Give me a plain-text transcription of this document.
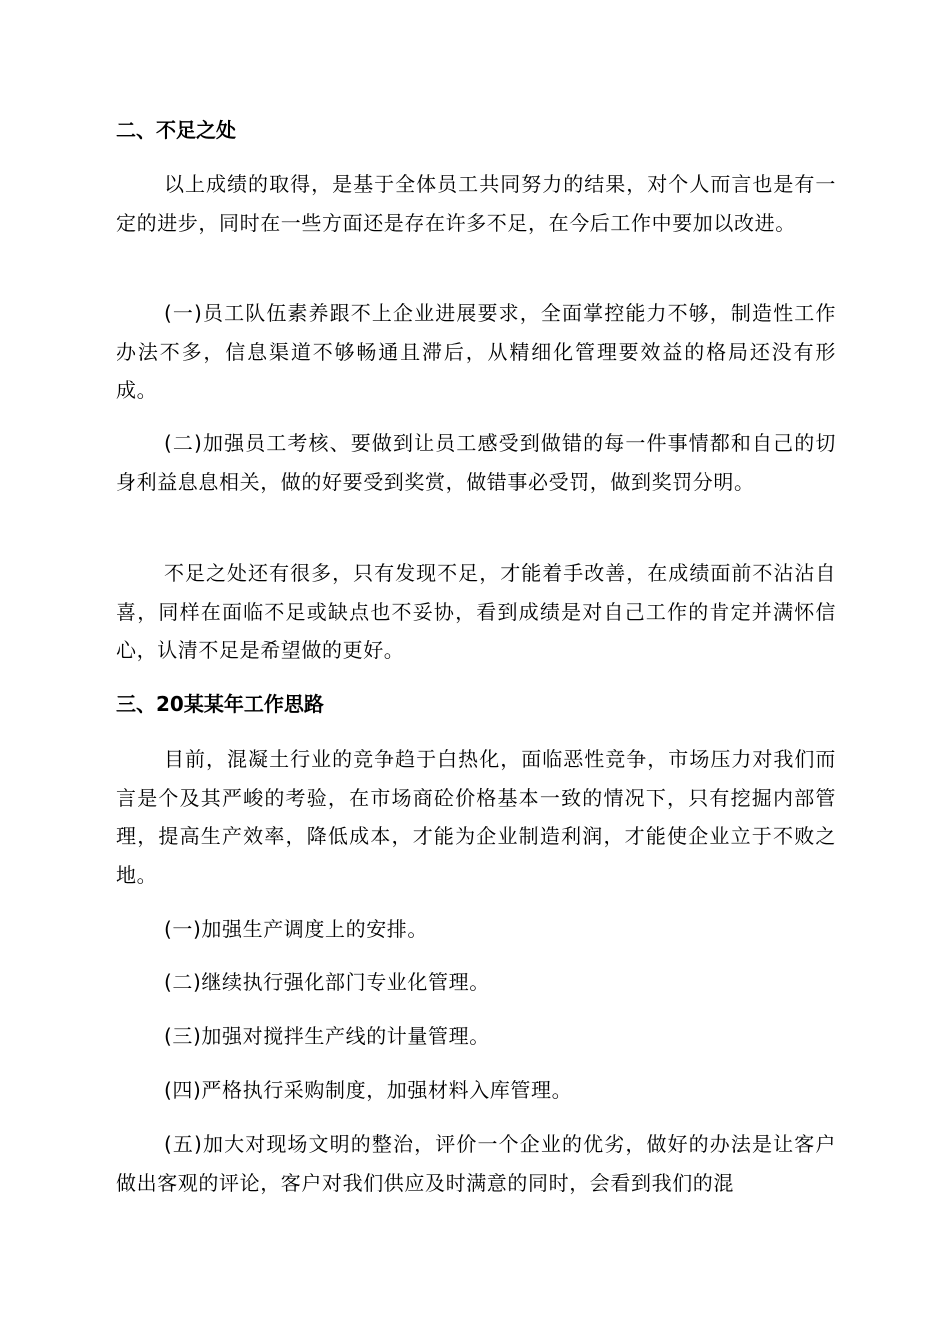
二、不足之处
以上成绩的取得，是基于全体员工共同努力的结果，对个人而言也是有一定的进步，同时在一些方面还是存在许多不足，在今后工作中要加以改进。
(一)员工队伍素养跟不上企业进展要求，全面掌控能力不够，制造性工作办法不多，信息渠道不够畅通且滞后，从精细化管理要效益的格局还没有形成。
(二)加强员工考核、要做到让员工感受到做错的每一件事情都和自己的切身利益息息相关，做的好要受到奖赏，做错事必受罚，做到奖罚分明。
不足之处还有很多，只有发现不足，才能着手改善，在成绩面前不沾沾自喜，同样在面临不足或缺点也不妥协，看到成绩是对自己工作的肯定并满怀信心，认清不足是希望做的更好。
三、20某某年工作思路
目前，混凝土行业的竞争趋于白热化，面临恶性竞争，市场压力对我们而言是个及其严峻的考验，在市场商砼价格基本一致的情况下，只有挖掘内部管理，提高生产效率，降低成本，才能为企业制造利润，才能使企业立于不败之地。
(一)加强生产调度上的安排。
(二)继续执行强化部门专业化管理。
(三)加强对搅拌生产线的计量管理。
(四)严格执行采购制度，加强材料入库管理。
(五)加大对现场文明的整治，评价一个企业的优劣，做好的办法是让客户做出客观的评论，客户对我们供应及时满意的同时，会看到我们的混
